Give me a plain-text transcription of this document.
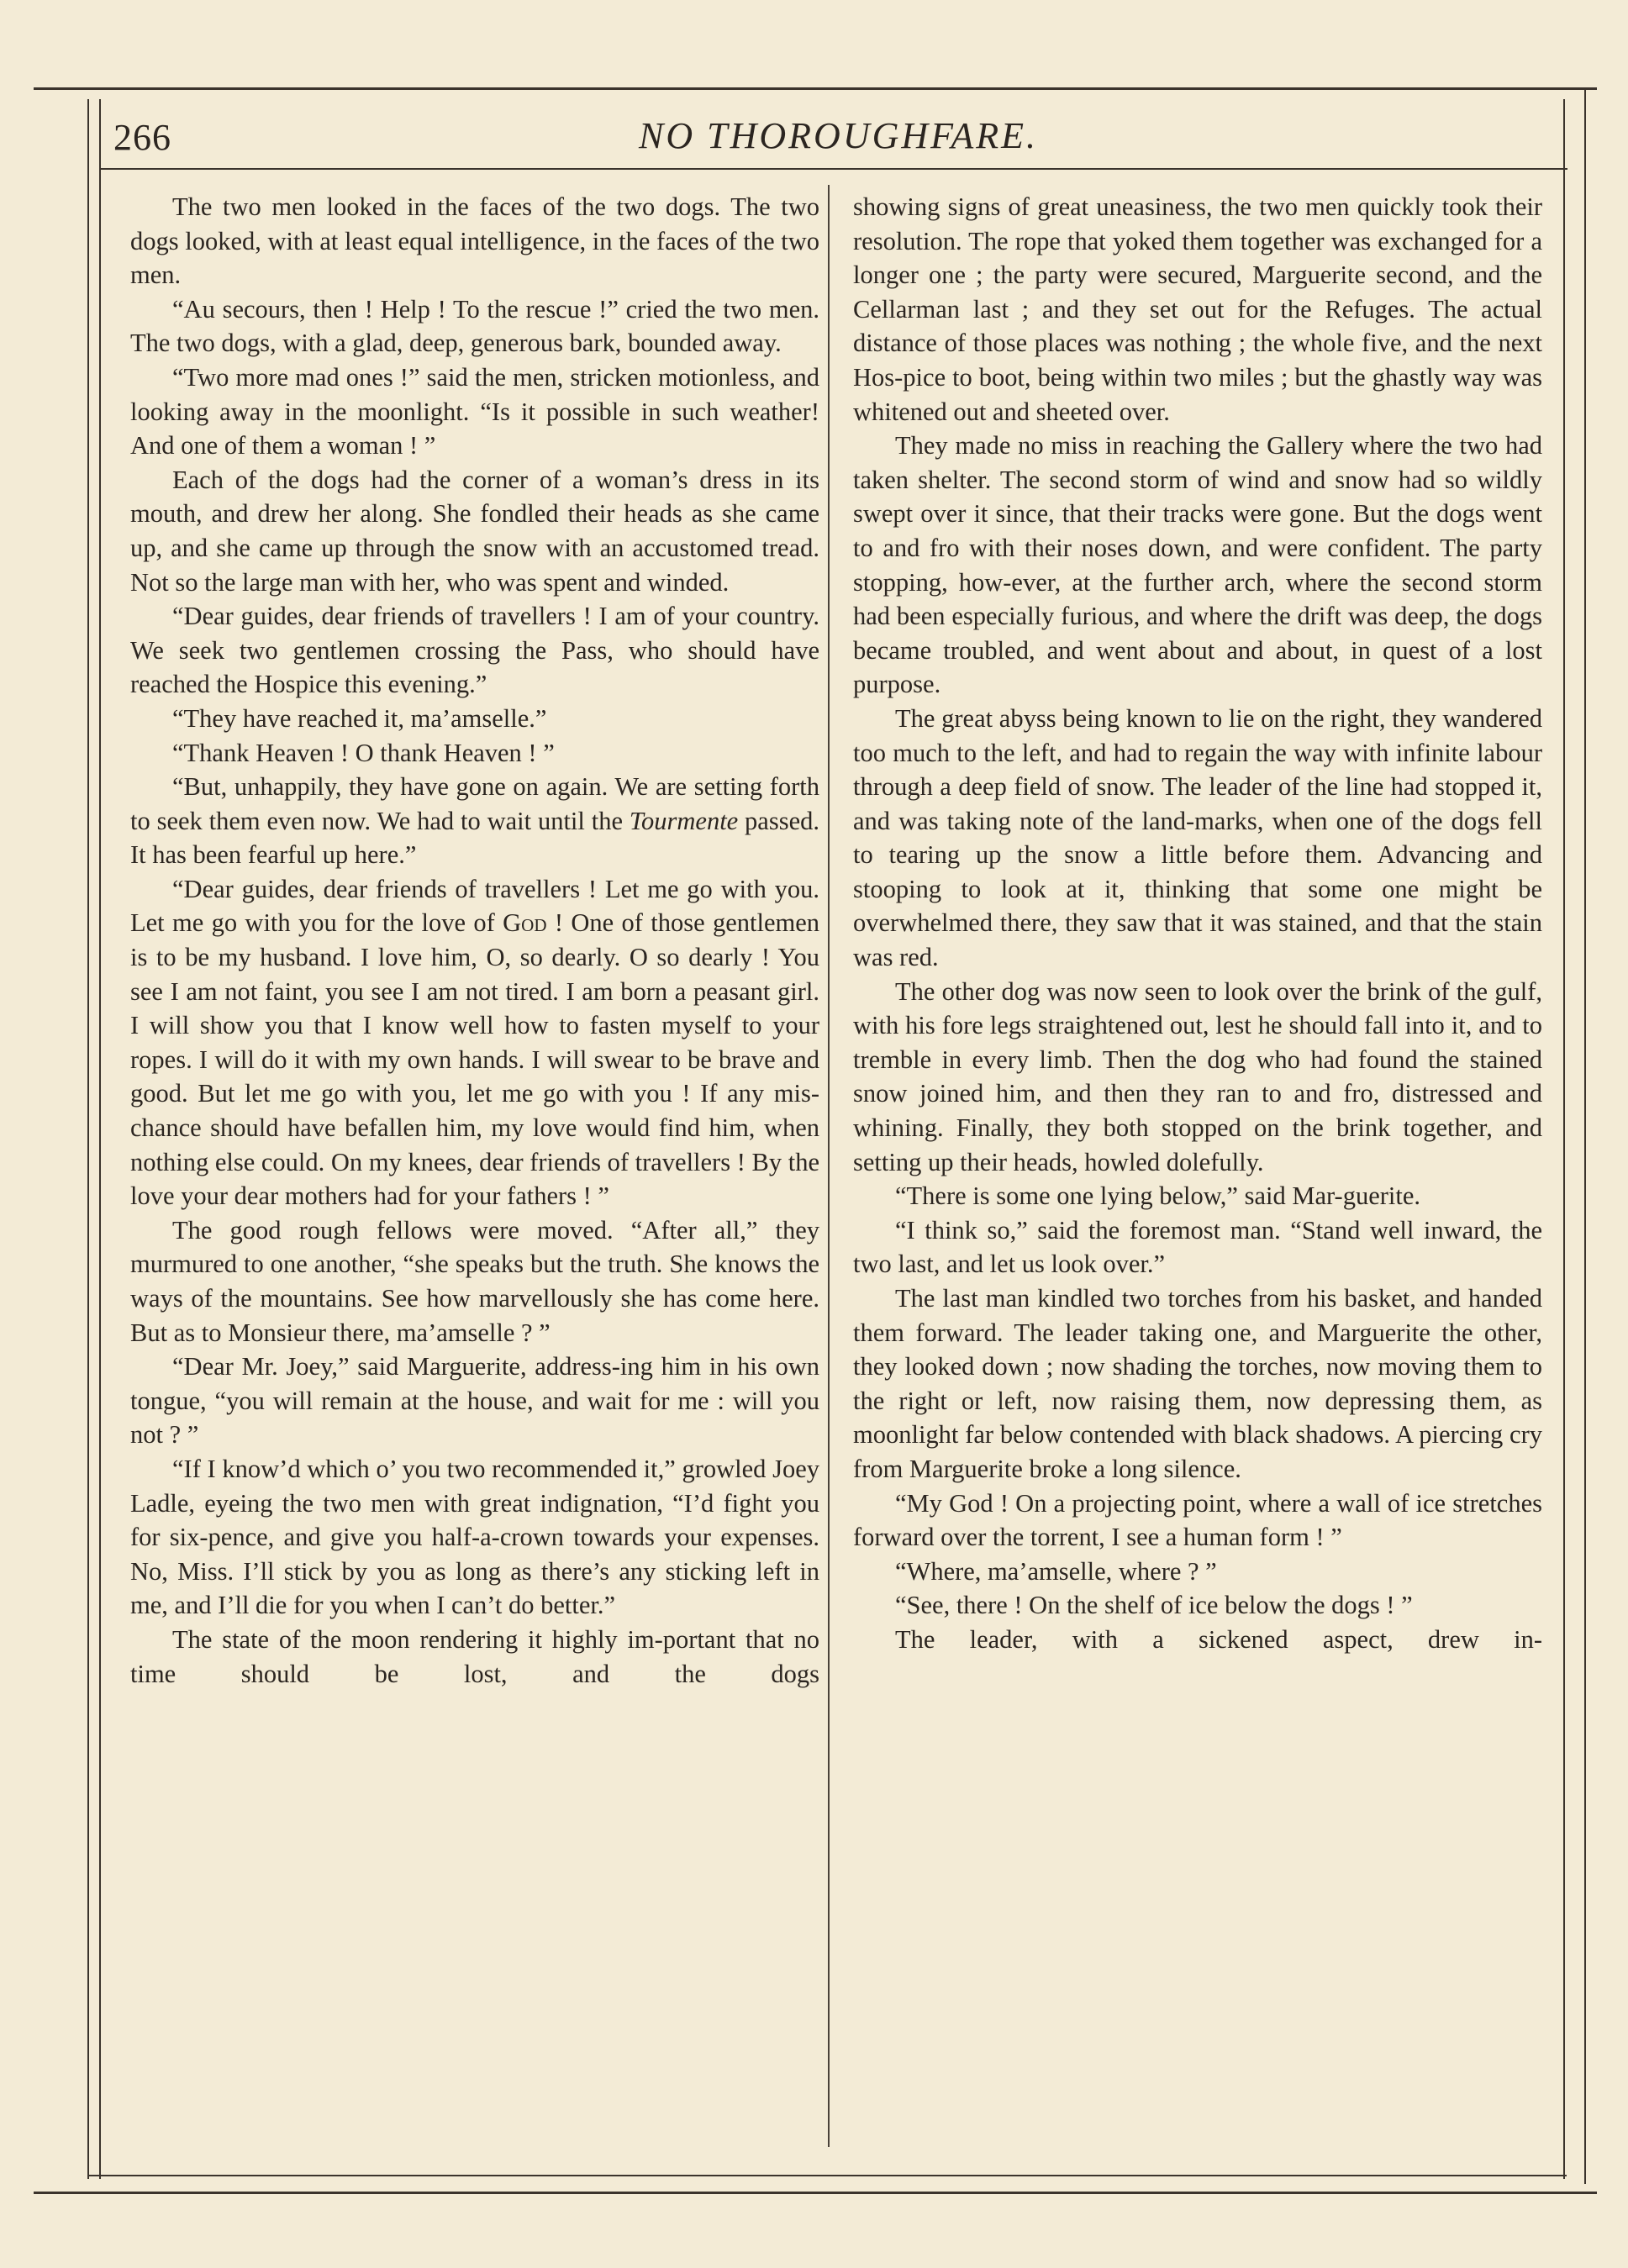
266	NO THOROUGHFARE.

The two men looked in the faces of the two dogs. The two dogs looked, with at least equal intelligence, in the faces of the two men.

“Au secours, then ! Help ! To the rescue !” cried the two men. The two dogs, with a glad, deep, generous bark, bounded away.

“Two more mad ones !” said the men, stricken motionless, and looking away in the moonlight. “Is it possible in such weather! And one of them a woman ! ”

Each of the dogs had the corner of a woman’s dress in its mouth, and drew her along. She fondled their heads as she came up, and she came up through the snow with an accustomed tread. Not so the large man with her, who was spent and winded.

“Dear guides, dear friends of travellers ! I am of your country. We seek two gentlemen crossing the Pass, who should have reached the Hospice this evening.”

“They have reached it, ma’amselle.”

“Thank Heaven ! O thank Heaven ! ”

“But, unhappily, they have gone on again. We are setting forth to seek them even now. We had to wait until the Tourmente passed. It has been fearful up here.”

“Dear guides, dear friends of travellers ! Let me go with you. Let me go with you for the love of God ! One of those gentlemen is to be my husband. I love him, O, so dearly. O so dearly ! You see I am not faint, you see I am not tired. I am born a peasant girl. I will show you that I know well how to fasten myself to your ropes. I will do it with my own hands. I will swear to be brave and good. But let me go with you, let me go with you ! If any mis-chance should have befallen him, my love would find him, when nothing else could. On my knees, dear friends of travellers ! By the love your dear mothers had for your fathers ! ”

The good rough fellows were moved. “After all,” they murmured to one another, “she speaks but the truth. She knows the ways of the mountains. See how marvellously she has come here. But as to Monsieur there, ma’amselle ? ”

“Dear Mr. Joey,” said Marguerite, address-ing him in his own tongue, “you will remain at the house, and wait for me : will you not ? ”

“If I know’d which o’ you two recommended it,” growled Joey Ladle, eyeing the two men with great indignation, “I’d fight you for six-pence, and give you half-a-crown towards your expenses. No, Miss. I’ll stick by you as long as there’s any sticking left in me, and I’ll die for you when I can’t do better.”

The state of the moon rendering it highly im-portant that no time should be lost, and the dogs

showing signs of great uneasiness, the two men quickly took their resolution. The rope that yoked them together was exchanged for a longer one ; the party were secured, Marguerite second, and the Cellarman last ; and they set out for the Refuges. The actual distance of those places was nothing ; the whole five, and the next Hos-pice to boot, being within two miles ; but the ghastly way was whitened out and sheeted over.

They made no miss in reaching the Gallery where the two had taken shelter. The second storm of wind and snow had so wildly swept over it since, that their tracks were gone. But the dogs went to and fro with their noses down, and were confident. The party stopping, how-ever, at the further arch, where the second storm had been especially furious, and where the drift was deep, the dogs became troubled, and went about and about, in quest of a lost purpose.

The great abyss being known to lie on the right, they wandered too much to the left, and had to regain the way with infinite labour through a deep field of snow. The leader of the line had stopped it, and was taking note of the land-marks, when one of the dogs fell to tearing up the snow a little before them. Advancing and stooping to look at it, thinking that some one might be overwhelmed there, they saw that it was stained, and that the stain was red.

The other dog was now seen to look over the brink of the gulf, with his fore legs straightened out, lest he should fall into it, and to tremble in every limb. Then the dog who had found the stained snow joined him, and then they ran to and fro, distressed and whining. Finally, they both stopped on the brink together, and setting up their heads, howled dolefully.

“There is some one lying below,” said Mar-guerite.

“I think so,” said the foremost man. “Stand well inward, the two last, and let us look over.”

The last man kindled two torches from his basket, and handed them forward. The leader taking one, and Marguerite the other, they looked down ; now shading the torches, now moving them to the right or left, now raising them, now depressing them, as moonlight far below contended with black shadows. A piercing cry from Marguerite broke a long silence.

“My God ! On a projecting point, where a wall of ice stretches forward over the torrent, I see a human form ! ”

“Where, ma’amselle, where ? ”

“See, there ! On the shelf of ice below the dogs ! ”

The leader, with a sickened aspect, drew in-
